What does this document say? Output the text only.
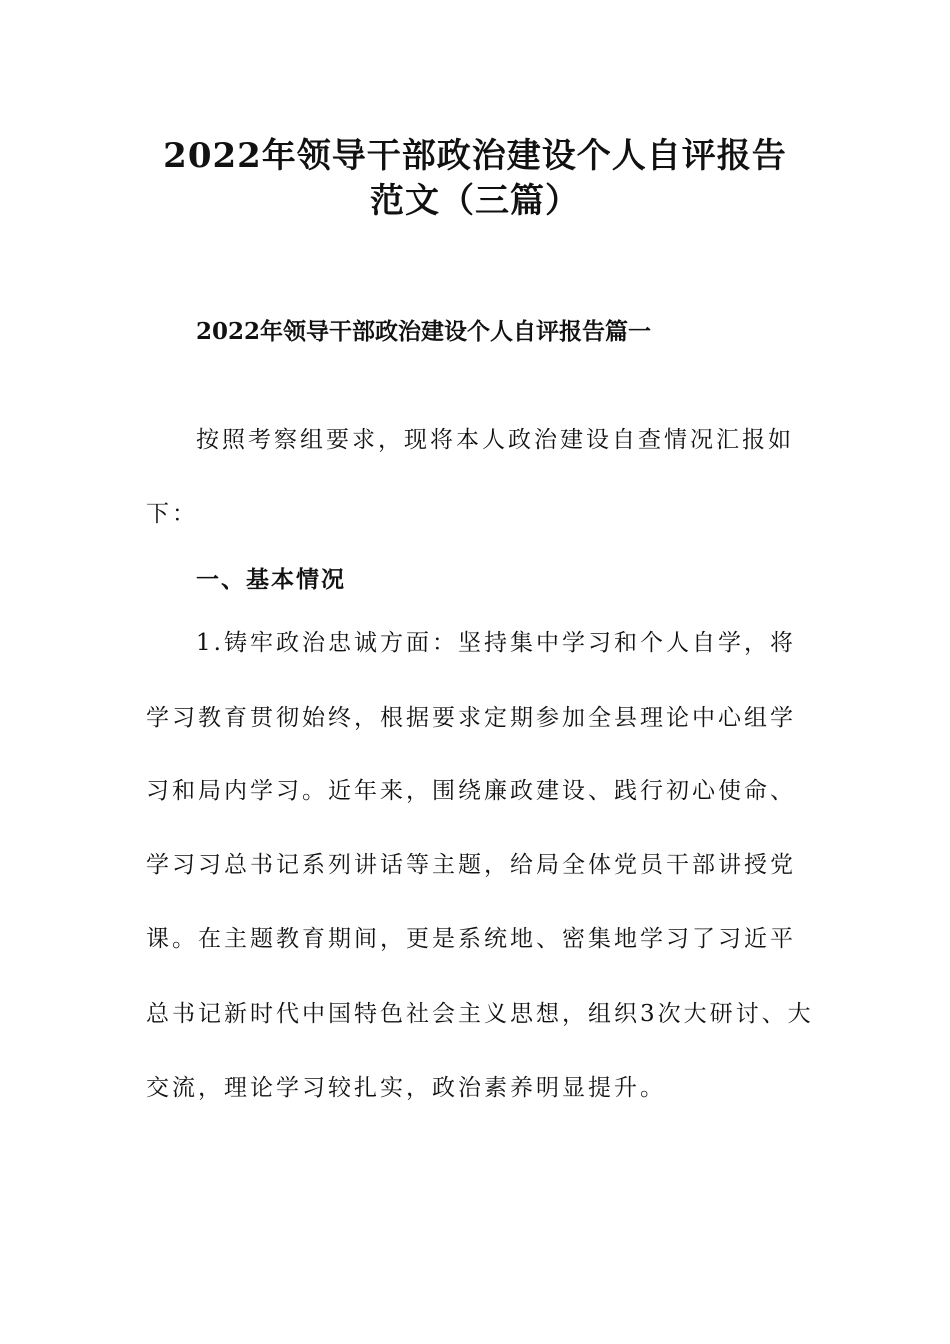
2022年领导干部政治建设个人自评报告
范文（三篇）
2022年领导干部政治建设个人自评报告篇一
按照考察组要求，现将本人政治建设自查情况汇报如
下：
一、基本情况
1.铸牢政治忠诚方面：坚持集中学习和个人自学，将
学习教育贯彻始终，根据要求定期参加全县理论中心组学
习和局内学习。近年来，围绕廉政建设、践行初心使命、
学习习总书记系列讲话等主题，给局全体党员干部讲授党
课。在主题教育期间，更是系统地、密集地学习了习近平
总书记新时代中国特色社会主义思想，组织3次大研讨、大
交流，理论学习较扎实，政治素养明显提升。
